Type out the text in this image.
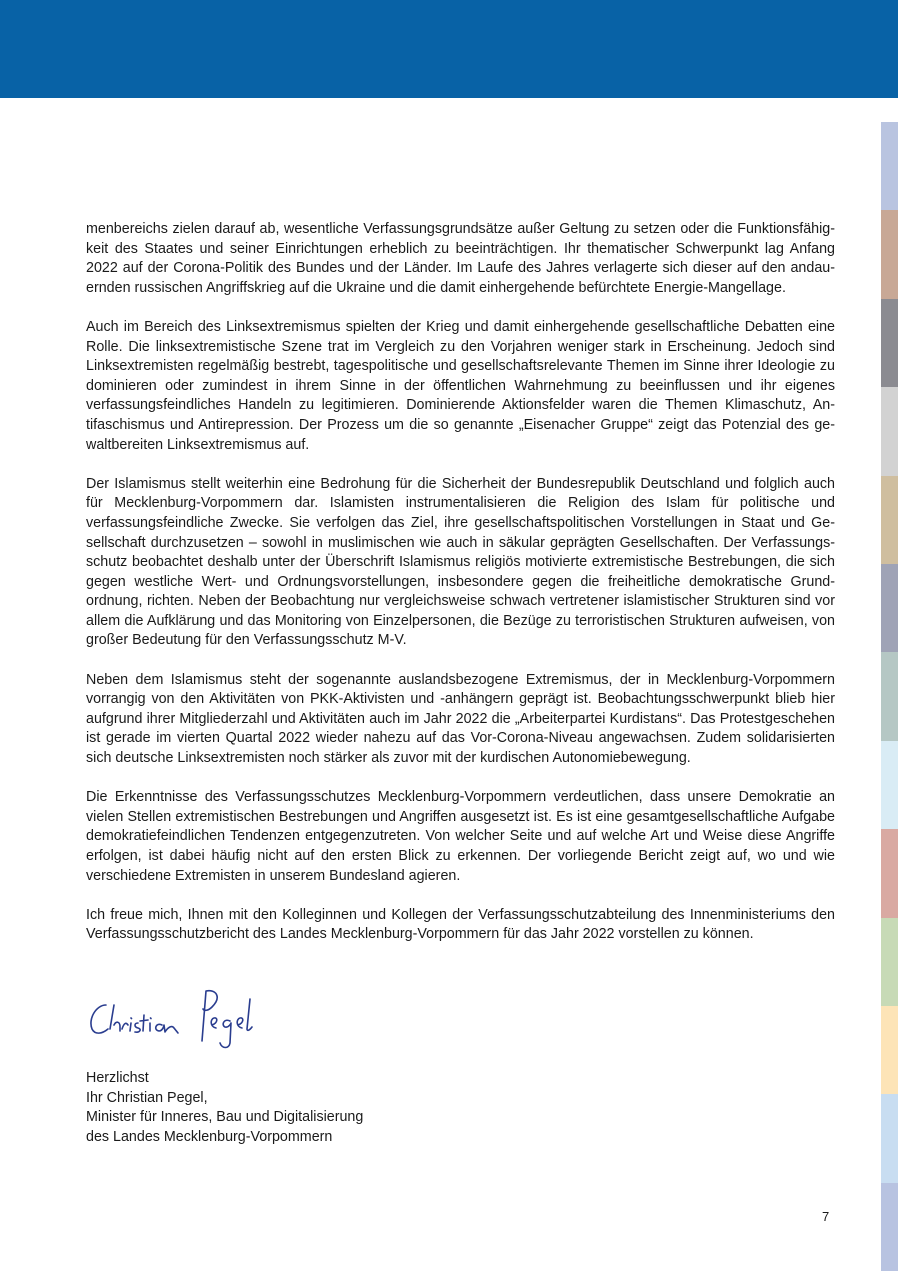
menbereichs zielen darauf ab, wesentliche Verfassungsgrundsätze außer Geltung zu setzen oder die Funktionsfähigkeit des Staates und seiner Einrichtungen erheblich zu beeinträchtigen. Ihr thematischer Schwerpunkt lag Anfang 2022 auf der Corona-Politik des Bundes und der Länder. Im Laufe des Jahres verlagerte sich dieser auf den andauernden russischen Angriffskrieg auf die Ukraine und die damit einhergehende befürchtete Energie-Mangellage.

Auch im Bereich des Linksextremismus spielten der Krieg und damit einhergehende gesellschaftliche Debatten eine Rolle. Die linksextremistische Szene trat im Vergleich zu den Vorjahren weniger stark in Erscheinung. Jedoch sind Linksextremisten regelmäßig bestrebt, tagespolitische und gesellschaftsrelevante Themen im Sinne ihrer Ideologie zu dominieren oder zumindest in ihrem Sinne in der öffentlichen Wahrnehmung zu beeinflussen und ihr eigenes verfassungsfeindliches Handeln zu legitimieren. Dominierende Aktionsfelder waren die Themen Klimaschutz, Antifaschismus und Antirepression. Der Prozess um die so genannte „Eisenacher Gruppe“ zeigt das Potenzial des gewaltbereiten Linksextremismus auf.

Der Islamismus stellt weiterhin eine Bedrohung für die Sicherheit der Bundesrepublik Deutschland und folglich auch für Mecklenburg-Vorpommern dar. Islamisten instrumentalisieren die Religion des Islam für politische und verfassungsfeindliche Zwecke. Sie verfolgen das Ziel, ihre gesellschaftspolitischen Vorstellungen in Staat und Gesellschaft durchzusetzen – sowohl in muslimischen wie auch in säkular geprägten Gesellschaften. Der Verfassungsschutz beobachtet deshalb unter der Überschrift Islamismus religiös motivierte extremistische Bestrebungen, die sich gegen westliche Wert- und Ordnungsvorstellungen, insbesondere gegen die freiheitliche demokratische Grundordnung, richten. Neben der Beobachtung nur vergleichsweise schwach vertretener islamistischer Strukturen sind vor allem die Aufklärung und das Monitoring von Einzelpersonen, die Bezüge zu terroristischen Strukturen aufweisen, von großer Bedeutung für den Verfassungsschutz M-V.

Neben dem Islamismus steht der sogenannte auslandsbezogene Extremismus, der in Mecklenburg-Vorpommern vorrangig von den Aktivitäten von PKK-Aktivisten und -anhängern geprägt ist. Beobachtungsschwerpunkt blieb hier aufgrund ihrer Mitgliederzahl und Aktivitäten auch im Jahr 2022 die „Arbeiterpartei Kurdistans“. Das Protestgeschehen ist gerade im vierten Quartal 2022 wieder nahezu auf das Vor-Corona-Niveau angewachsen. Zudem solidarisierten sich deutsche Linksextremisten noch stärker als zuvor mit der kurdischen Autonomiebewegung.

Die Erkenntnisse des Verfassungsschutzes Mecklenburg-Vorpommern verdeutlichen, dass unsere Demokratie an vielen Stellen extremistischen Bestrebungen und Angriffen ausgesetzt ist. Es ist eine gesamtgesellschaftliche Aufgabe demokratiefeindlichen Tendenzen entgegenzutreten. Von welcher Seite und auf welche Art und Weise diese Angriffe erfolgen, ist dabei häufig nicht auf den ersten Blick zu erkennen. Der vorliegende Bericht zeigt auf, wo und wie verschiedene Extremisten in unserem Bundesland agieren.

Ich freue mich, Ihnen mit den Kolleginnen und Kollegen der Verfassungsschutzabteilung des Innenministeriums den Verfassungsschutzbericht des Landes Mecklenburg-Vorpommern für das Jahr 2022 vorstellen zu können.

Herzlichst
Ihr Christian Pegel,
Minister für Inneres, Bau und Digitalisierung
des Landes Mecklenburg-Vorpommern
7
